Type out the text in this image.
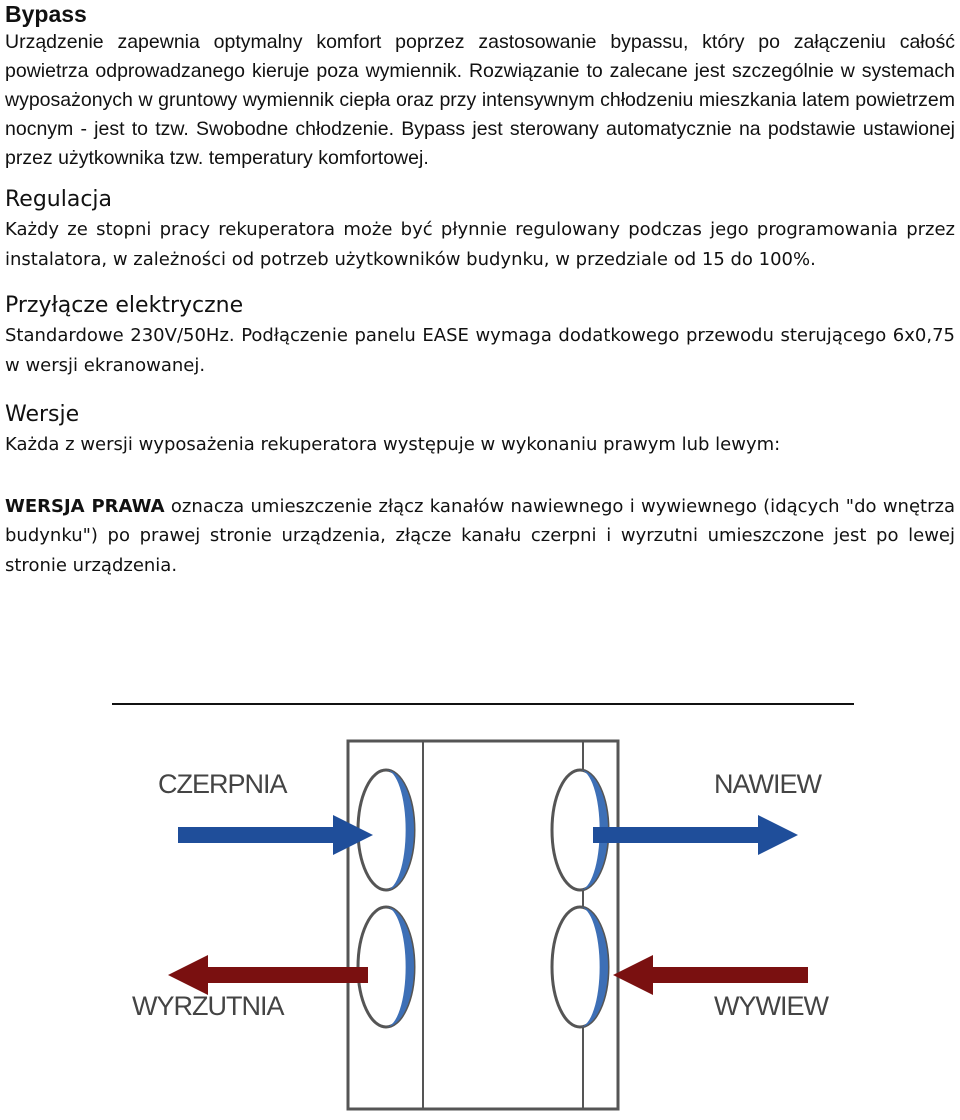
Bypass

Urządzenie zapewnia optymalny komfort poprzez zastosowanie bypassu, który po załączeniu całość powietrza odprowadzanego kieruje poza wymiennik. Rozwiązanie to zalecane jest szczególnie w systemach wyposażonych w gruntowy wymiennik ciepła oraz przy intensywnym chłodzeniu mieszkania latem powietrzem nocnym - jest to tzw. Swobodne chłodzenie. Bypass jest sterowany automatycznie na podstawie ustawionej przez użytkownika tzw. temperatury komfortowej.

Regulacja

Każdy ze stopni pracy rekuperatora może być płynnie regulowany podczas jego programowania przez instalatora, w zależności od potrzeb użytkowników budynku, w przedziale od 15 do 100%.

Przyłącze elektryczne

Standardowe 230V/50Hz. Podłączenie panelu EASE wymaga dodatkowego przewodu sterującego 6x0,75 w wersji ekranowanej.

Wersje

Każda z wersji wyposażenia rekuperatora występuje w wykonaniu prawym lub lewym:

WERSJA PRAWA oznacza umieszczenie złącz kanałów nawiewnego i wywiewnego (idących "do wnętrza budynku") po prawej stronie urządzenia, złącze kanału czerpni i wyrzutni umieszczone jest po lewej stronie urządzenia.

CZERPNIA	NAWIEW
WYRZUTNIA	WYWIEW
